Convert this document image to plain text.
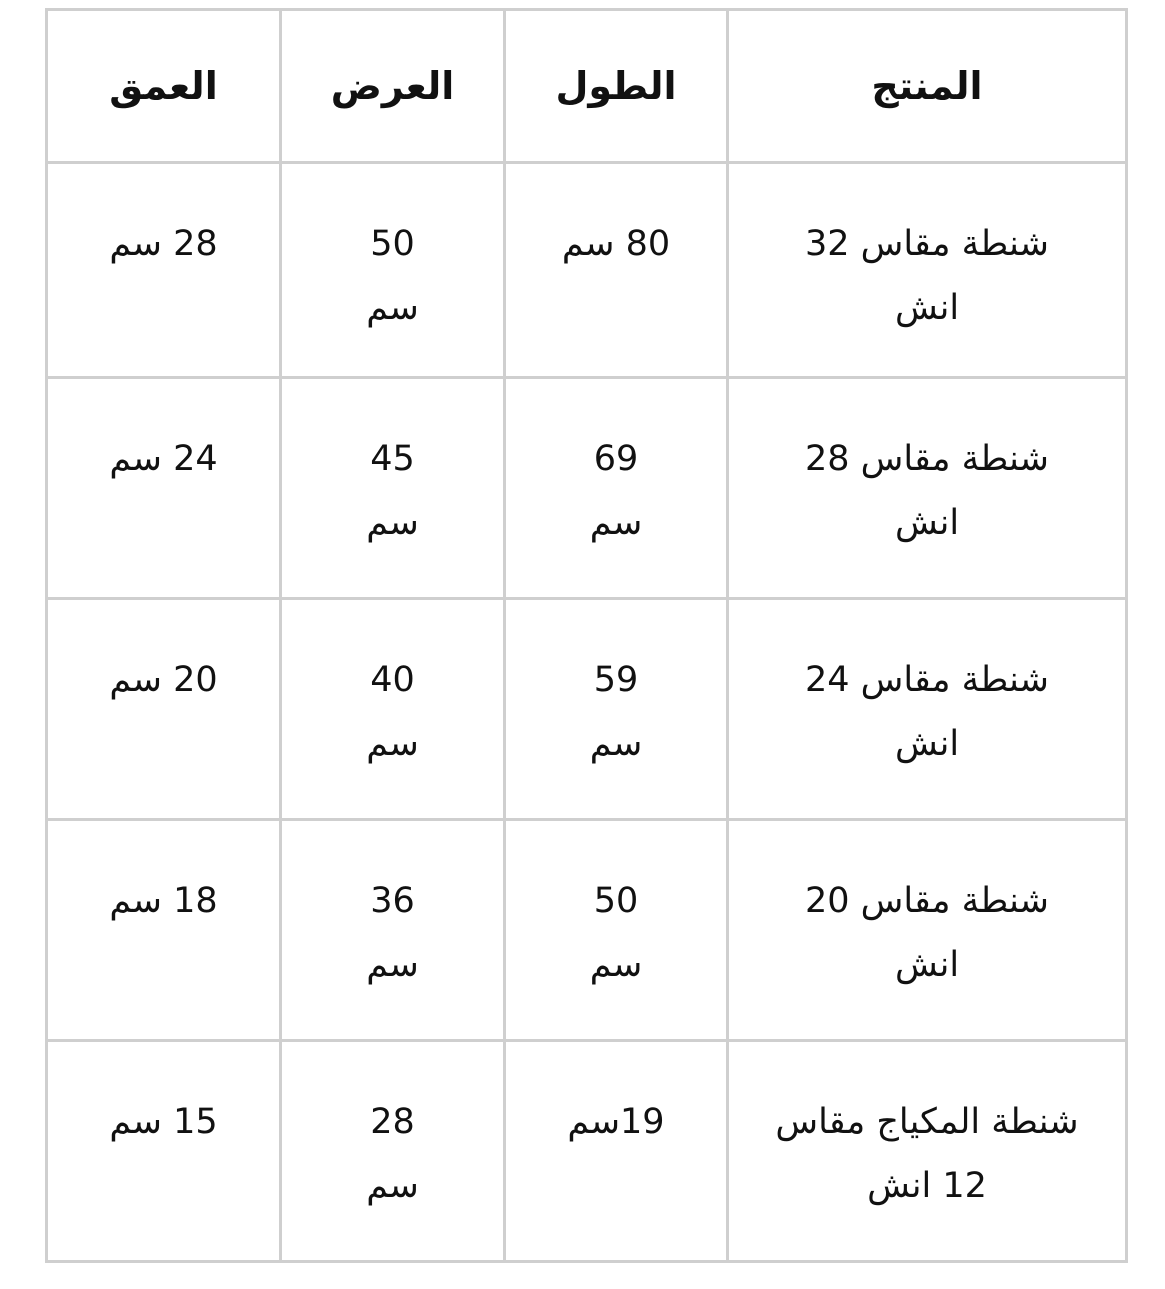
المنتج	الطول	العرض	العمق

شنطة مقاس 32 انش	80 سم	50 سم	28 سم

شنطة مقاس 28 انش	69 سم	45 سم	24 سم

شنطة مقاس 24 انش	59 سم	40 سم	20 سم

شنطة مقاس 20 انش	50 سم	36 سم	18 سم

شنطة المكياج مقاس 12 انش	19سم	28 سم	15 سم
